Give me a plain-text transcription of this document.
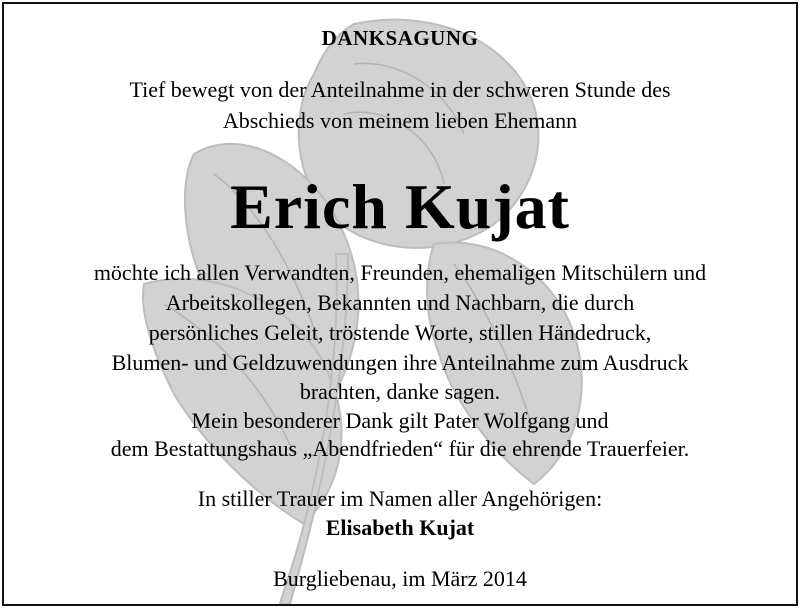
DANKSAGUNG
Tief bewegt von der Anteilnahme in der schweren Stunde des
Abschieds von meinem lieben Ehemann
Erich Kujat
möchte ich allen Verwandten, Freunden, ehemaligen Mitschülern und
Arbeitskollegen, Bekannten und Nachbarn, die durch
persönliches Geleit, tröstende Worte, stillen Händedruck,
Blumen- und Geldzuwendungen ihre Anteilnahme zum Ausdruck
brachten, danke sagen.
Mein besonderer Dank gilt Pater Wolfgang und
dem Bestattungshaus „Abendfrieden“ für die ehrende Trauerfeier.
In stiller Trauer im Namen aller Angehörigen:
Elisabeth Kujat
Burgliebenau, im März 2014
